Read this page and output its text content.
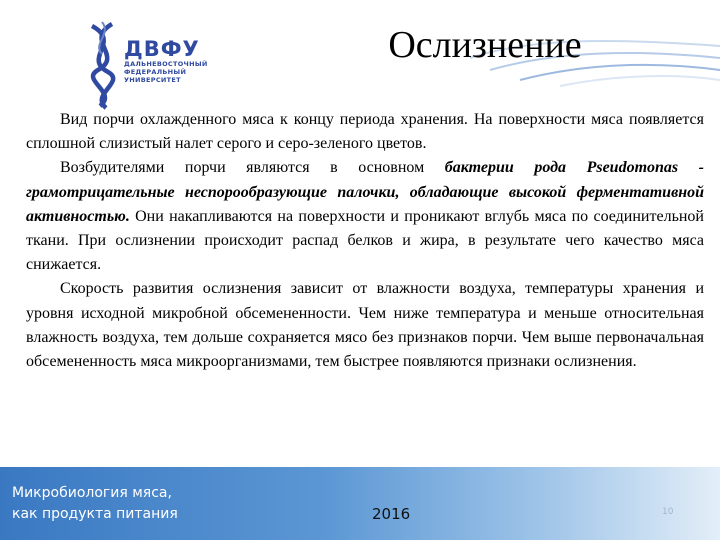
ДВФУ
ДАЛЬНЕВОСТОЧНЫЙ
ФЕДЕРАЛЬНЫЙ
УНИВЕРСИТЕТ
Ослизнение

Вид порчи охлажденного мяса к концу периода хранения. На поверхности мяса появляется сплошной слизистый налет серого и серо-зеленого цветов.

Возбудителями порчи являются в основном бактерии рода Pseudomonas - грамотрицательные неспорообразующие палочки, обладающие высокой ферментативной активностью. Они накапливаются на поверхности и проникают вглубь мяса по соединительной ткани. При ослизнении происходит распад белков и жира, в результате чего качество мяса снижается.

Скорость развития ослизнения зависит от влажности воздуха, температуры хранения и уровня исходной микробной обсемененности. Чем ниже температура и меньше относительная влажность воздуха, тем дольше сохраняется мясо без признаков порчи. Чем выше первоначальная обсемененность мяса микроорганизмами, тем быстрее появляются признаки ослизнения.

Микробиология мяса,
как продукта питания	2016	10
